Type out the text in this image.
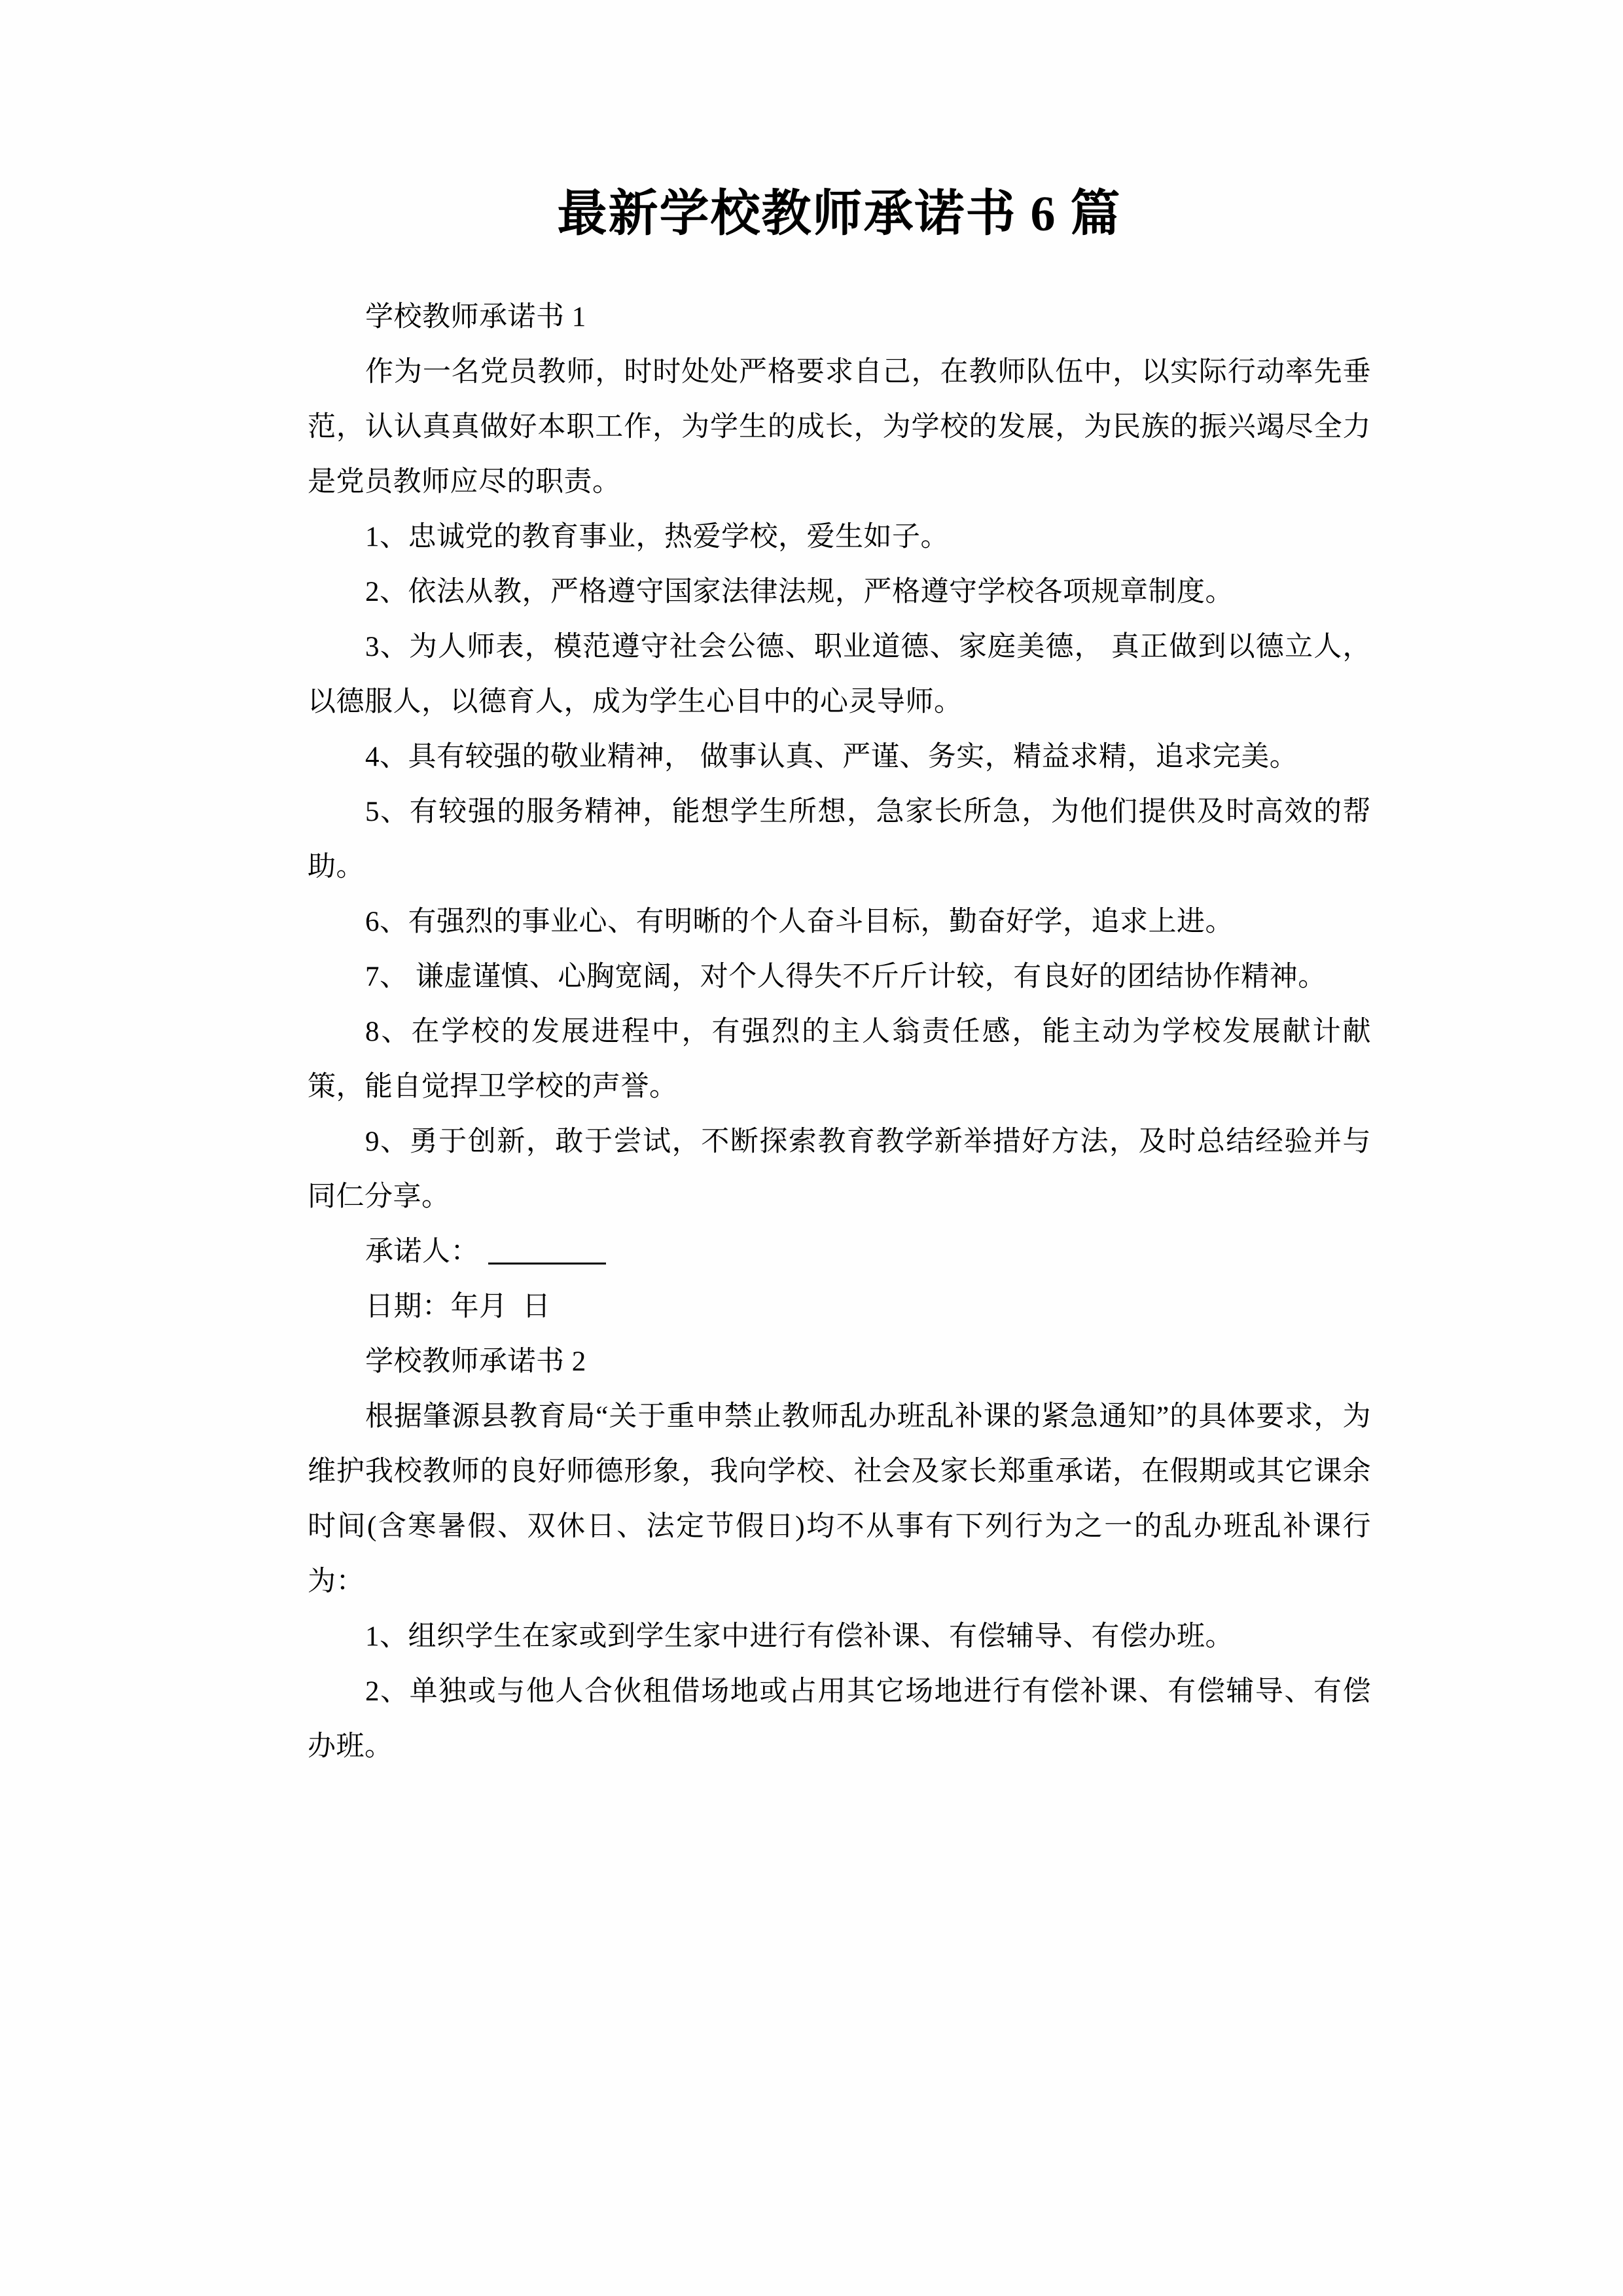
最新学校教师承诺书 6 篇

学校教师承诺书 1

作为一名党员教师，时时处处严格要求自己，在教师队伍中，以实际行动率先垂范，认认真真做好本职工作，为学生的成长，为学校的发展，为民族的振兴竭尽全力是党员教师应尽的职责。

1、忠诚党的教育事业，热爱学校，爱生如子。

2、依法从教，严格遵守国家法律法规，严格遵守学校各项规章制度。

3、为人师表，模范遵守社会公德、职业道德、家庭美德， 真正做到以德立人，以德服人，以德育人，成为学生心目中的心灵导师。

4、具有较强的敬业精神， 做事认真、严谨、务实，精益求精，追求完美。

5、有较强的服务精神，能想学生所想，急家长所急，为他们提供及时高效的帮助。

6、有强烈的事业心、有明晰的个人奋斗目标，勤奋好学，追求上进。

7、 谦虚谨慎、心胸宽阔，对个人得失不斤斤计较，有良好的团结协作精神。

8、在学校的发展进程中，有强烈的主人翁责任感，能主动为学校发展献计献策，能自觉捍卫学校的声誉。

9、勇于创新，敢于尝试，不断探索教育教学新举措好方法，及时总结经验并与同仁分享。

承诺人：

日期：年月  日

学校教师承诺书 2

根据肇源县教育局“关于重申禁止教师乱办班乱补课的紧急通知”的具体要求，为维护我校教师的良好师德形象，我向学校、社会及家长郑重承诺，在假期或其它课余时间(含寒暑假、双休日、法定节假日)均不从事有下列行为之一的乱办班乱补课行为：

1、组织学生在家或到学生家中进行有偿补课、有偿辅导、有偿办班。

2、单独或与他人合伙租借场地或占用其它场地进行有偿补课、有偿辅导、有偿办班。
